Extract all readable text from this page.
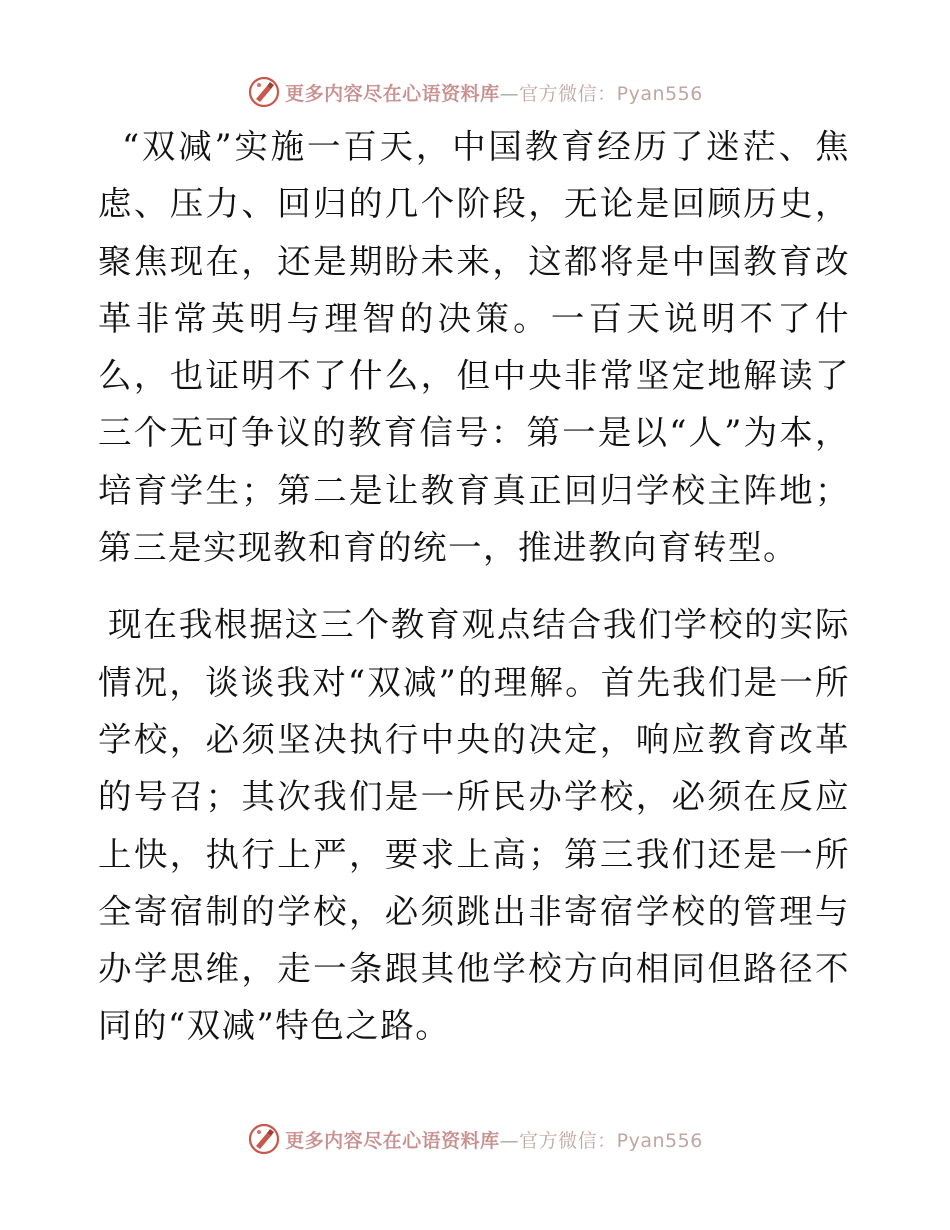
更多内容尽在心语资料库—官方微信：Pyan556

“双减”实施一百天，中国教育经历了迷茫、焦虑、压力、回归的几个阶段，无论是回顾历史，聚焦现在，还是期盼未来，这都将是中国教育改革非常英明与理智的决策。一百天说明不了什么，也证明不了什么，但中央非常坚定地解读了三个无可争议的教育信号：第一是以“人”为本，培育学生；第二是让教育真正回归学校主阵地；第三是实现教和育的统一，推进教向育转型。

现在我根据这三个教育观点结合我们学校的实际情况，谈谈我对“双减”的理解。首先我们是一所学校，必须坚决执行中央的决定，响应教育改革的号召；其次我们是一所民办学校，必须在反应上快，执行上严，要求上高；第三我们还是一所全寄宿制的学校，必须跳出非寄宿学校的管理与办学思维，走一条跟其他学校方向相同但路径不同的“双减”特色之路。

更多内容尽在心语资料库—官方微信：Pyan556
